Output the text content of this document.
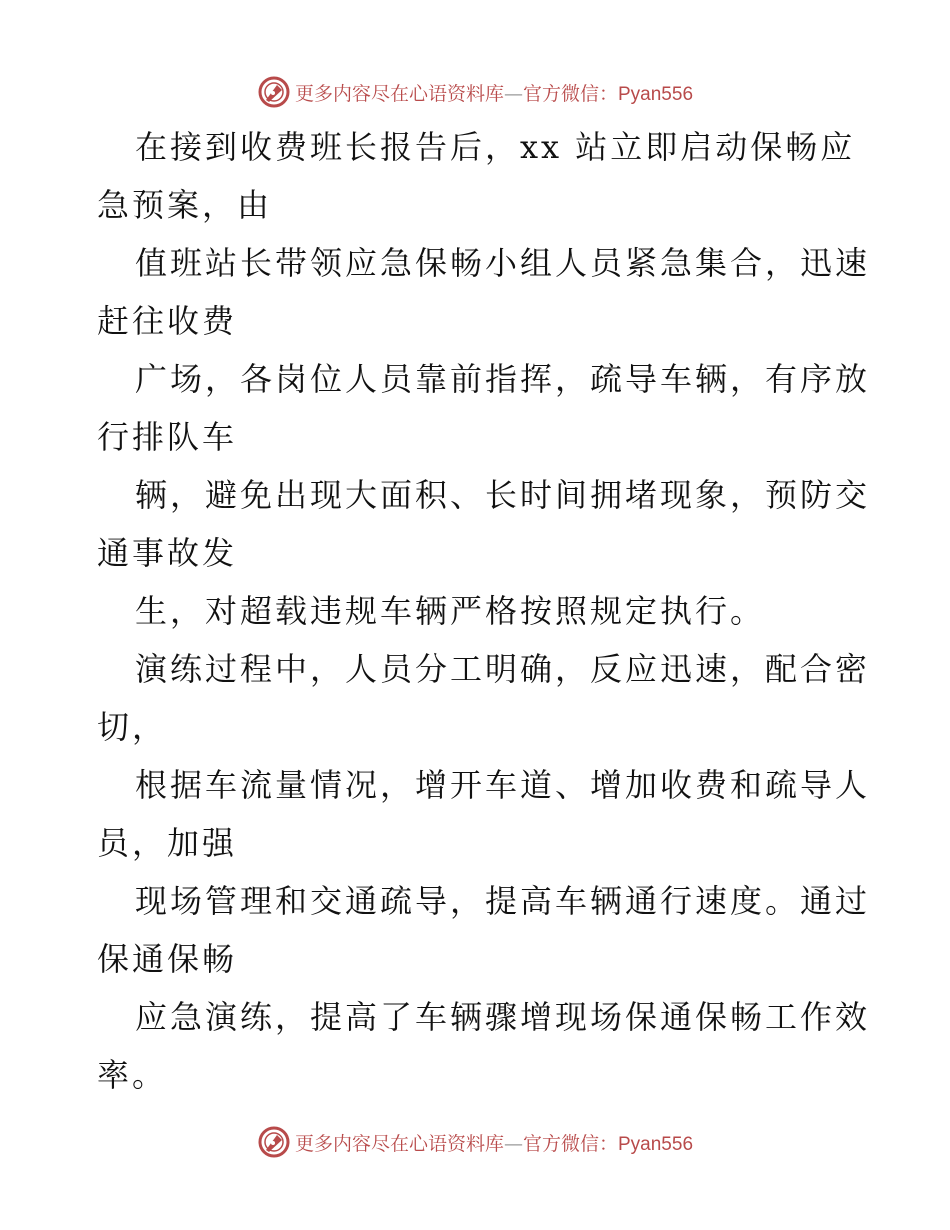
更多内容尽在心语资料库—官方微信：Pyan556
在接到收费班长报告后，xx 站立即启动保畅应
急预案，由
值班站长带领应急保畅小组人员紧急集合，迅速
赶往收费
广场，各岗位人员靠前指挥，疏导车辆，有序放
行排队车
辆，避免出现大面积、长时间拥堵现象，预防交
通事故发
生，对超载违规车辆严格按照规定执行。
演练过程中，人员分工明确，反应迅速，配合密
切，
根据车流量情况，增开车道、增加收费和疏导人
员，加强
现场管理和交通疏导，提高车辆通行速度。通过
保通保畅
应急演练，提高了车辆骤增现场保通保畅工作效
率。
更多内容尽在心语资料库—官方微信：Pyan556
